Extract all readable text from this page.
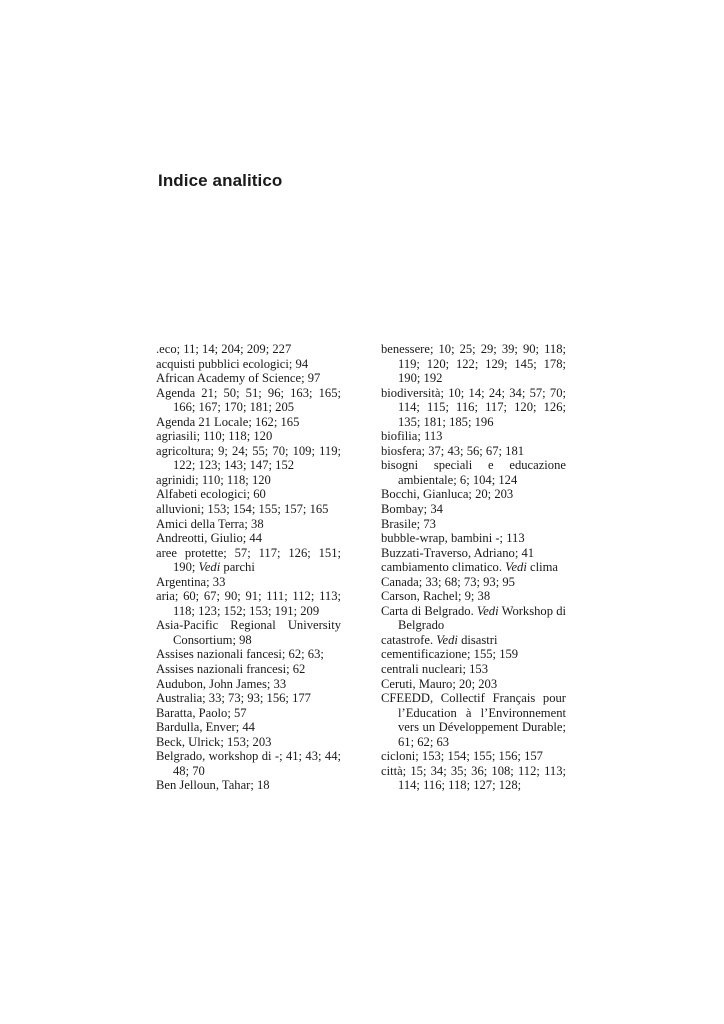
Indice analitico
.eco; 11; 14; 204; 209; 227
acquisti pubblici ecologici; 94
African Academy of Science; 97
Agenda 21; 50; 51; 96; 163; 165; 166; 167; 170; 181; 205
Agenda 21 Locale; 162; 165
agriasili; 110; 118; 120
agricoltura; 9; 24; 55; 70; 109; 119; 122; 123; 143; 147; 152
agrinidi; 110; 118; 120
Alfabeti ecologici; 60
alluvioni; 153; 154; 155; 157; 165
Amici della Terra; 38
Andreotti, Giulio; 44
aree protette; 57; 117; 126; 151; 190; Vedi parchi
Argentina; 33
aria; 60; 67; 90; 91; 111; 112; 113; 118; 123; 152; 153; 191; 209
Asia-Pacific Regional University Consortium; 98
Assises nazionali fancesi; 62; 63;
Assises nazionali francesi; 62
Audubon, John James; 33
Australia; 33; 73; 93; 156; 177
Baratta, Paolo; 57
Bardulla, Enver; 44
Beck, Ulrick; 153; 203
Belgrado, workshop di -; 41; 43; 44; 48; 70
Ben Jelloun, Tahar; 18
benessere; 10; 25; 29; 39; 90; 118; 119; 120; 122; 129; 145; 178; 190; 192
biodiversità; 10; 14; 24; 34; 57; 70; 114; 115; 116; 117; 120; 126; 135; 181; 185; 196
biofilia; 113
biosfera; 37; 43; 56; 67; 181
bisogni speciali e educazione ambientale; 6; 104; 124
Bocchi, Gianluca; 20; 203
Bombay; 34
Brasile; 73
bubble-wrap, bambini -; 113
Buzzati-Traverso, Adriano; 41
cambiamento climatico. Vedi clima
Canada; 33; 68; 73; 93; 95
Carson, Rachel; 9; 38
Carta di Belgrado. Vedi Workshop di Belgrado
catastrofe. Vedi disastri
cementificazione; 155; 159
centrali nucleari; 153
Ceruti, Mauro; 20; 203
CFEEDD, Collectif Français pour l’Education à l’Environnement vers un Développement Durable; 61; 62; 63
cicloni; 153; 154; 155; 156; 157
città; 15; 34; 35; 36; 108; 112; 113; 114; 116; 118; 127; 128;
